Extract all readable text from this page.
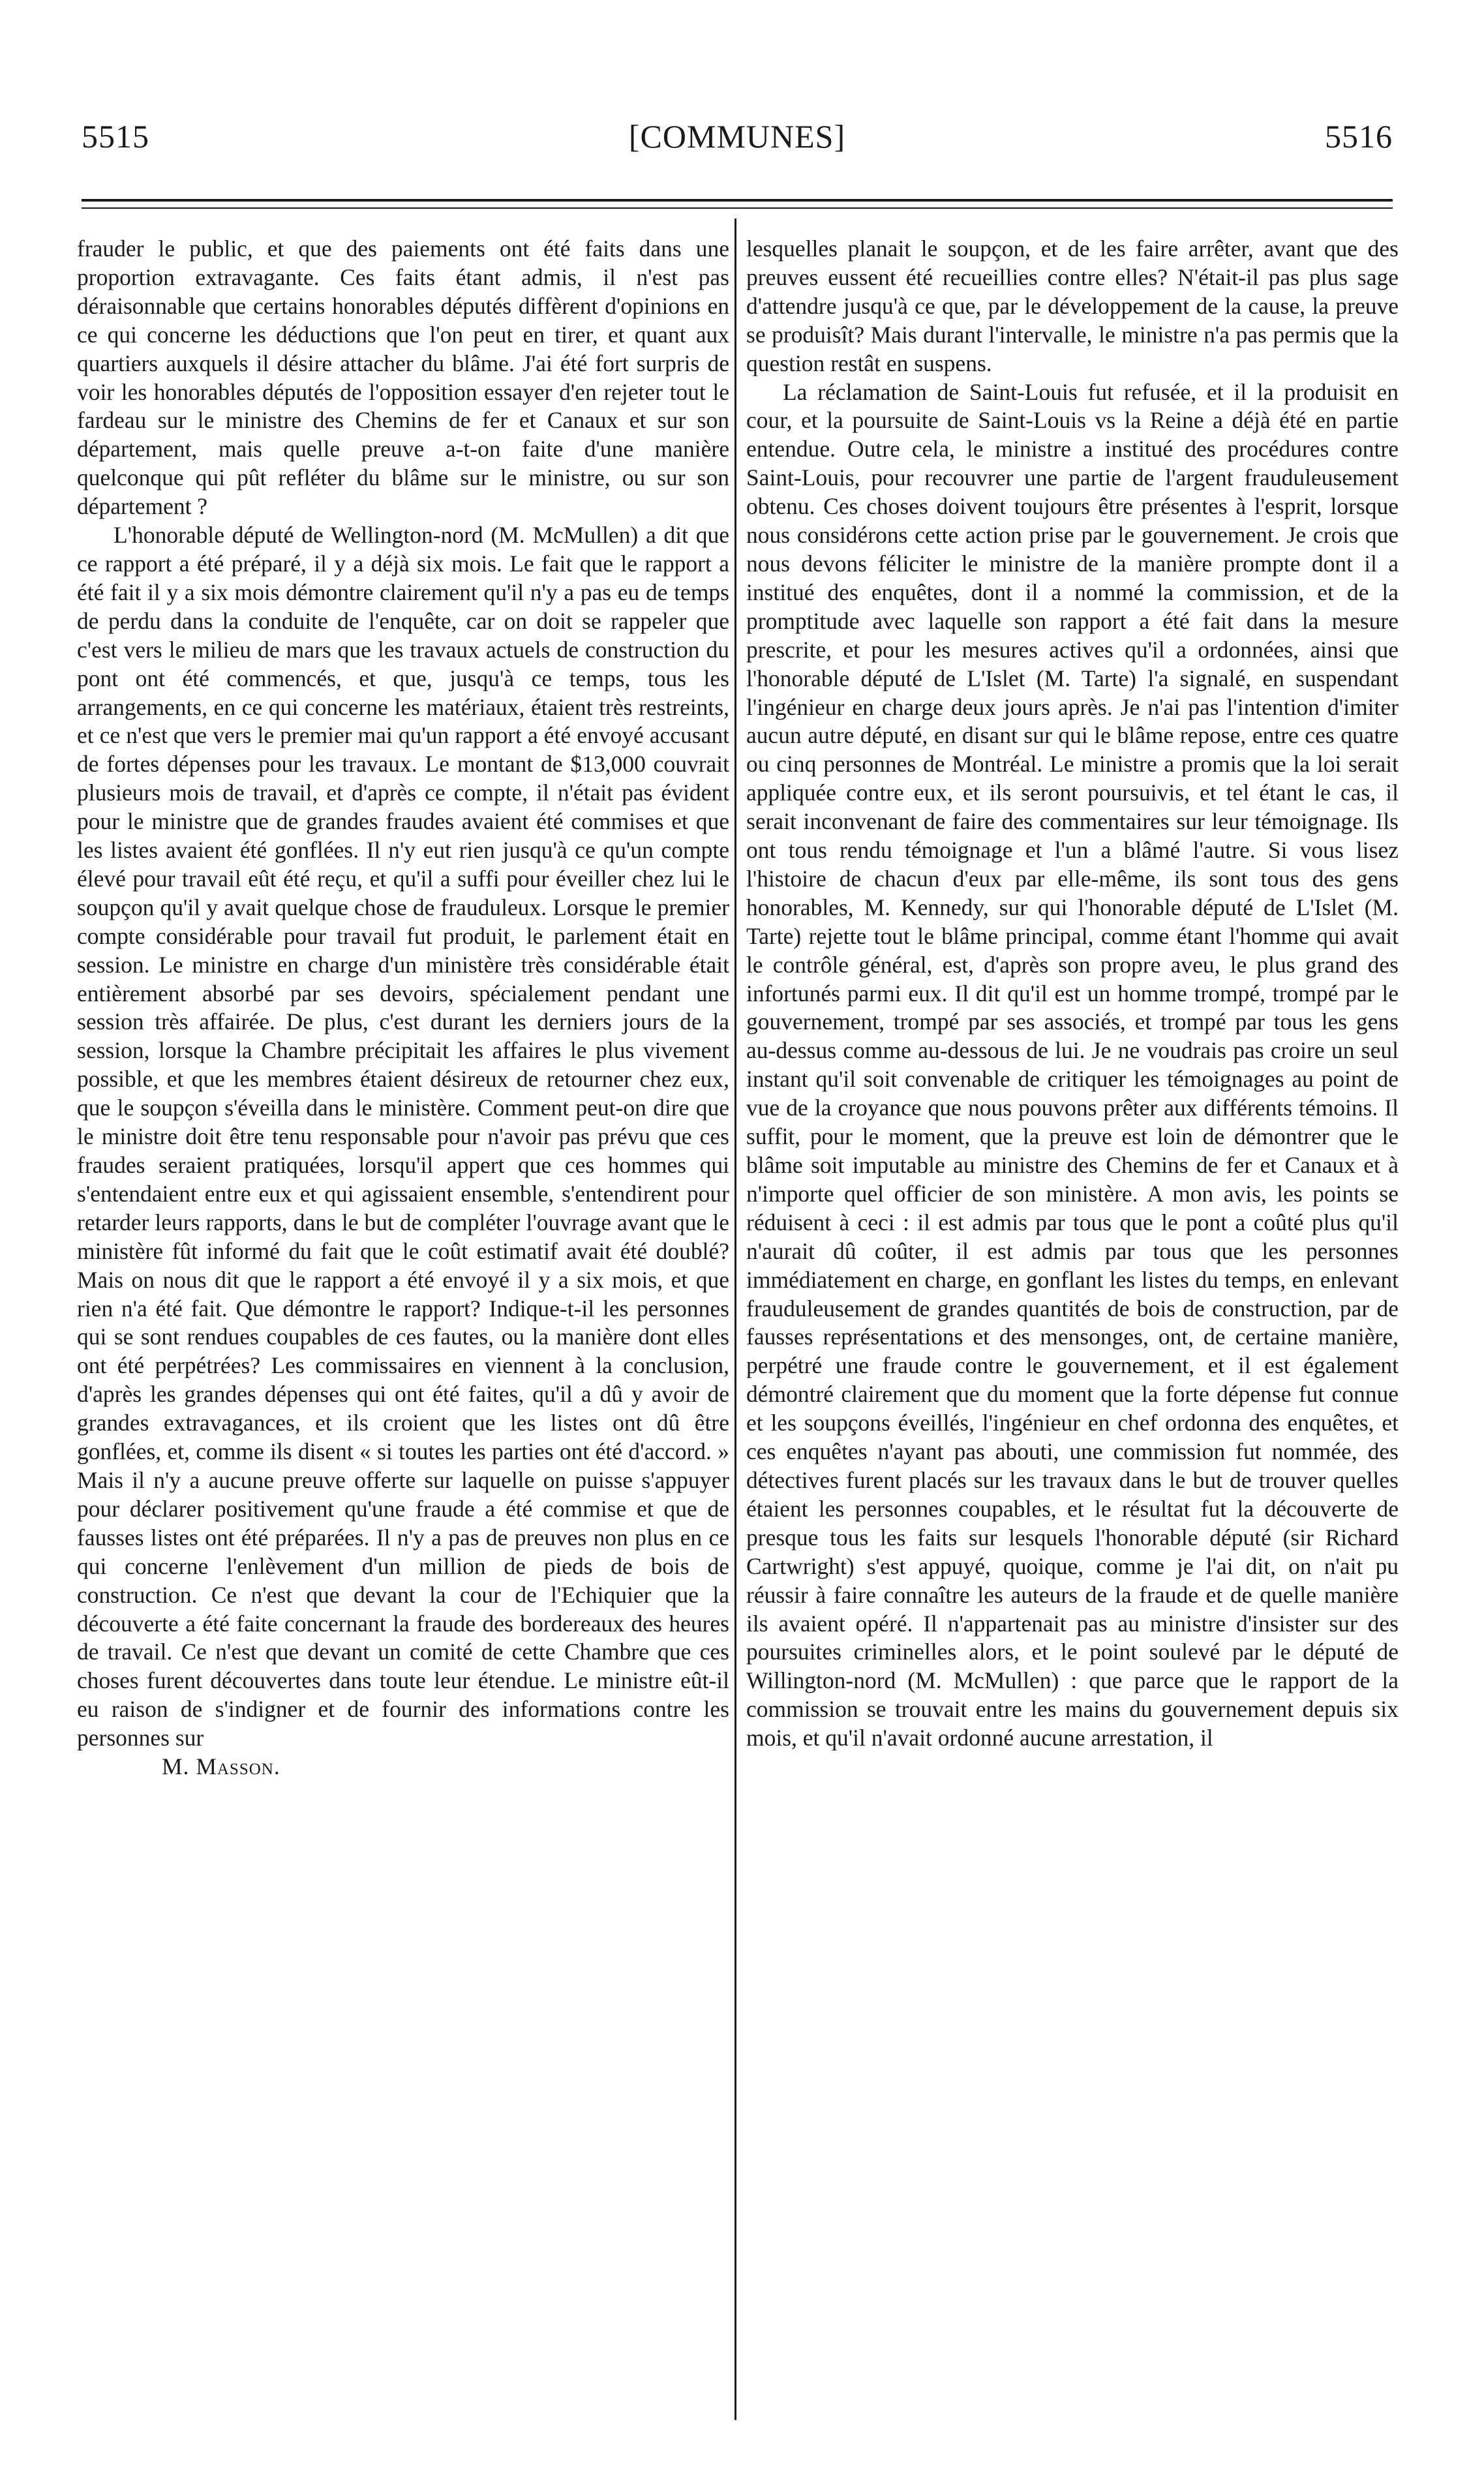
5515	[COMMUNES]	5516

frauder le public, et que des paiements ont été faits dans une proportion extravagante. Ces faits étant admis, il n'est pas déraisonnable que certains honorables députés diffèrent d'opinions en ce qui concerne les déductions que l'on peut en tirer, et quant aux quartiers auxquels il désire attacher du blâme. J'ai été fort surpris de voir les honorables députés de l'opposition essayer d'en rejeter tout le fardeau sur le ministre des Chemins de fer et Canaux et sur son département, mais quelle preuve a-t-on faite d'une manière quelconque qui pût refléter du blâme sur le ministre, ou sur son département ?

L'honorable député de Wellington-nord (M. McMullen) a dit que ce rapport a été préparé, il y a déjà six mois. Le fait que le rapport a été fait il y a six mois démontre clairement qu'il n'y a pas eu de temps de perdu dans la conduite de l'enquête, car on doit se rappeler que c'est vers le milieu de mars que les travaux actuels de construction du pont ont été commencés, et que, jusqu'à ce temps, tous les arrangements, en ce qui concerne les matériaux, étaient très restreints, et ce n'est que vers le premier mai qu'un rapport a été envoyé accusant de fortes dépenses pour les travaux. Le montant de $13,000 couvrait plusieurs mois de travail, et d'après ce compte, il n'était pas évident pour le ministre que de grandes fraudes avaient été commises et que les listes avaient été gonflées. Il n'y eut rien jusqu'à ce qu'un compte élevé pour travail eût été reçu, et qu'il a suffi pour éveiller chez lui le soupçon qu'il y avait quelque chose de frauduleux. Lorsque le premier compte considérable pour travail fut produit, le parlement était en session. Le ministre en charge d'un ministère très considérable était entièrement absorbé par ses devoirs, spécialement pendant une session très affairée. De plus, c'est durant les derniers jours de la session, lorsque la Chambre précipitait les affaires le plus vivement possible, et que les membres étaient désireux de retourner chez eux, que le soupçon s'éveilla dans le ministère. Comment peut-on dire que le ministre doit être tenu responsable pour n'avoir pas prévu que ces fraudes seraient pratiquées, lorsqu'il appert que ces hommes qui s'entendaient entre eux et qui agissaient ensemble, s'entendirent pour retarder leurs rapports, dans le but de compléter l'ouvrage avant que le ministère fût informé du fait que le coût estimatif avait été doublé? Mais on nous dit que le rapport a été envoyé il y a six mois, et que rien n'a été fait. Que démontre le rapport? Indique-t-il les personnes qui se sont rendues coupables de ces fautes, ou la manière dont elles ont été perpétrées? Les commissaires en viennent à la conclusion, d'après les grandes dépenses qui ont été faites, qu'il a dû y avoir de grandes extravagances, et ils croient que les listes ont dû être gonflées, et, comme ils disent « si toutes les parties ont été d'accord. » Mais il n'y a aucune preuve offerte sur laquelle on puisse s'appuyer pour déclarer positivement qu'une fraude a été commise et que de fausses listes ont été préparées. Il n'y a pas de preuves non plus en ce qui concerne l'enlèvement d'un million de pieds de bois de construction. Ce n'est que devant la cour de l'Echiquier que la découverte a été faite concernant la fraude des bordereaux des heures de travail. Ce n'est que devant un comité de cette Chambre que ces choses furent découvertes dans toute leur étendue. Le ministre eût-il eu raison de s'indigner et de fournir des informations contre les personnes sur

M. Masson.

lesquelles planait le soupçon, et de les faire arrêter, avant que des preuves eussent été recueillies contre elles? N'était-il pas plus sage d'attendre jusqu'à ce que, par le développement de la cause, la preuve se produisît? Mais durant l'intervalle, le ministre n'a pas permis que la question restât en suspens.

La réclamation de Saint-Louis fut refusée, et il la produisit en cour, et la poursuite de Saint-Louis vs la Reine a déjà été en partie entendue. Outre cela, le ministre a institué des procédures contre Saint-Louis, pour recouvrer une partie de l'argent frauduleusement obtenu. Ces choses doivent toujours être présentes à l'esprit, lorsque nous considérons cette action prise par le gouvernement. Je crois que nous devons féliciter le ministre de la manière prompte dont il a institué des enquêtes, dont il a nommé la commission, et de la promptitude avec laquelle son rapport a été fait dans la mesure prescrite, et pour les mesures actives qu'il a ordonnées, ainsi que l'honorable député de L'Islet (M. Tarte) l'a signalé, en suspendant l'ingénieur en charge deux jours après. Je n'ai pas l'intention d'imiter aucun autre député, en disant sur qui le blâme repose, entre ces quatre ou cinq personnes de Montréal. Le ministre a promis que la loi serait appliquée contre eux, et ils seront poursuivis, et tel étant le cas, il serait inconvenant de faire des commentaires sur leur témoignage. Ils ont tous rendu témoignage et l'un a blâmé l'autre. Si vous lisez l'histoire de chacun d'eux par elle-même, ils sont tous des gens honorables, M. Kennedy, sur qui l'honorable député de L'Islet (M. Tarte) rejette tout le blâme principal, comme étant l'homme qui avait le contrôle général, est, d'après son propre aveu, le plus grand des infortunés parmi eux. Il dit qu'il est un homme trompé, trompé par le gouvernement, trompé par ses associés, et trompé par tous les gens au-dessus comme au-dessous de lui. Je ne voudrais pas croire un seul instant qu'il soit convenable de critiquer les témoignages au point de vue de la croyance que nous pouvons prêter aux différents témoins. Il suffit, pour le moment, que la preuve est loin de démontrer que le blâme soit imputable au ministre des Chemins de fer et Canaux et à n'importe quel officier de son ministère. A mon avis, les points se réduisent à ceci : il est admis par tous que le pont a coûté plus qu'il n'aurait dû coûter, il est admis par tous que les personnes immédiatement en charge, en gonflant les listes du temps, en enlevant frauduleusement de grandes quantités de bois de construction, par de fausses représentations et des mensonges, ont, de certaine manière, perpétré une fraude contre le gouvernement, et il est également démontré clairement que du moment que la forte dépense fut connue et les soupçons éveillés, l'ingénieur en chef ordonna des enquêtes, et ces enquêtes n'ayant pas abouti, une commission fut nommée, des détectives furent placés sur les travaux dans le but de trouver quelles étaient les personnes coupables, et le résultat fut la découverte de presque tous les faits sur lesquels l'honorable député (sir Richard Cartwright) s'est appuyé, quoique, comme je l'ai dit, on n'ait pu réussir à faire connaître les auteurs de la fraude et de quelle manière ils avaient opéré. Il n'appartenait pas au ministre d'insister sur des poursuites criminelles alors, et le point soulevé par le député de Willington-nord (M. McMullen) : que parce que le rapport de la commission se trouvait entre les mains du gouvernement depuis six mois, et qu'il n'avait ordonné aucune arrestation, il
